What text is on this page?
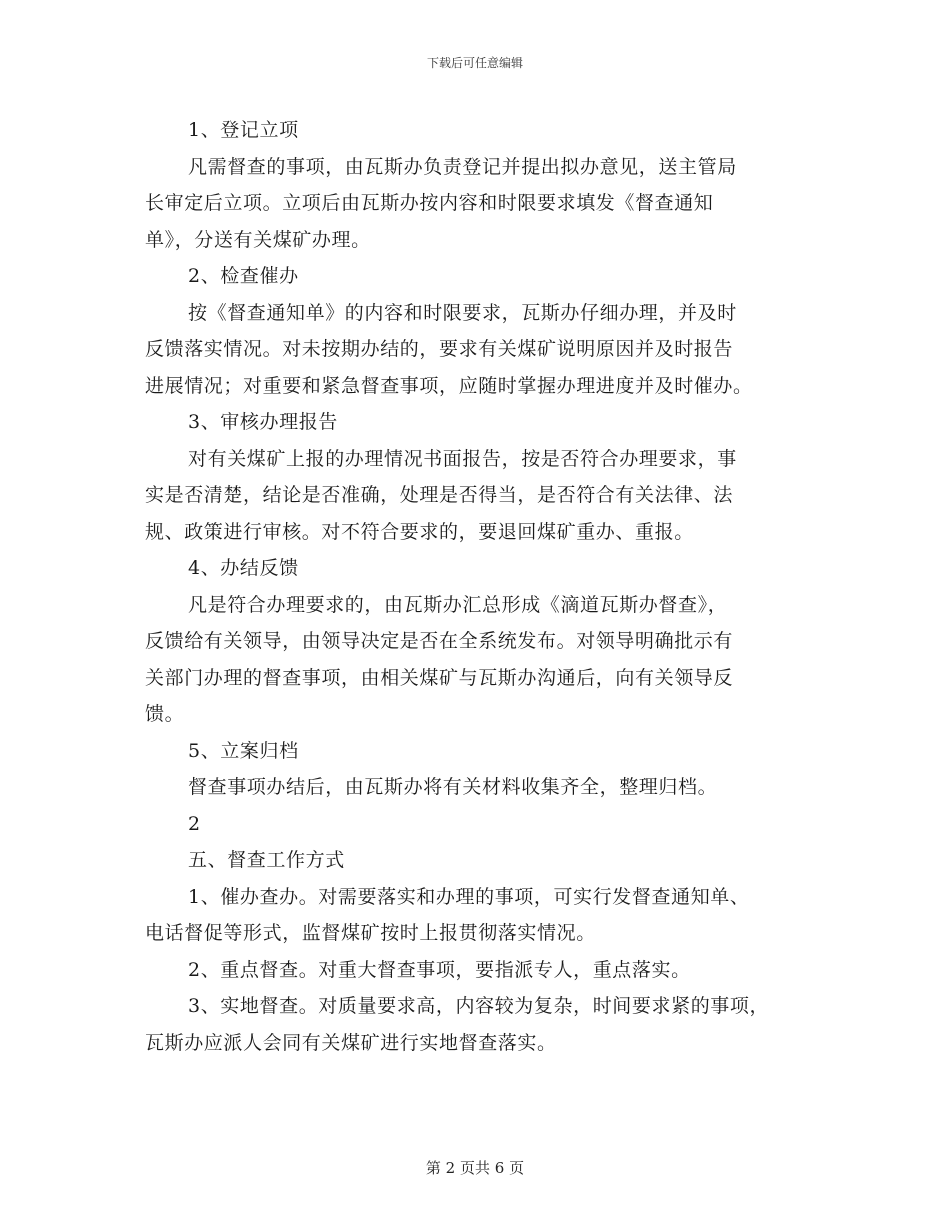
下载后可任意编辑
1、登记立项
凡需督查的事项，由瓦斯办负责登记并提出拟办意见，送主管局
长审定后立项。立项后由瓦斯办按内容和时限要求填发《督查通知
单》，分送有关煤矿办理。
2、检查催办
按《督查通知单》的内容和时限要求，瓦斯办仔细办理，并及时
反馈落实情况。对未按期办结的，要求有关煤矿说明原因并及时报告
进展情况；对重要和紧急督查事项，应随时掌握办理进度并及时催办。
3、审核办理报告
对有关煤矿上报的办理情况书面报告，按是否符合办理要求，事
实是否清楚，结论是否准确，处理是否得当，是否符合有关法律、法
规、政策进行审核。对不符合要求的，要退回煤矿重办、重报。
4、办结反馈
凡是符合办理要求的，由瓦斯办汇总形成《滴道瓦斯办督查》，
反馈给有关领导，由领导决定是否在全系统发布。对领导明确批示有
关部门办理的督查事项，由相关煤矿与瓦斯办沟通后，向有关领导反
馈。
5、立案归档
督查事项办结后，由瓦斯办将有关材料收集齐全，整理归档。
2
五、督查工作方式
1、催办查办。对需要落实和办理的事项，可实行发督查通知单、
电话督促等形式，监督煤矿按时上报贯彻落实情况。
2、重点督查。对重大督查事项，要指派专人，重点落实。
3、实地督查。对质量要求高，内容较为复杂，时间要求紧的事项，
瓦斯办应派人会同有关煤矿进行实地督查落实。
第 2 页共 6 页
